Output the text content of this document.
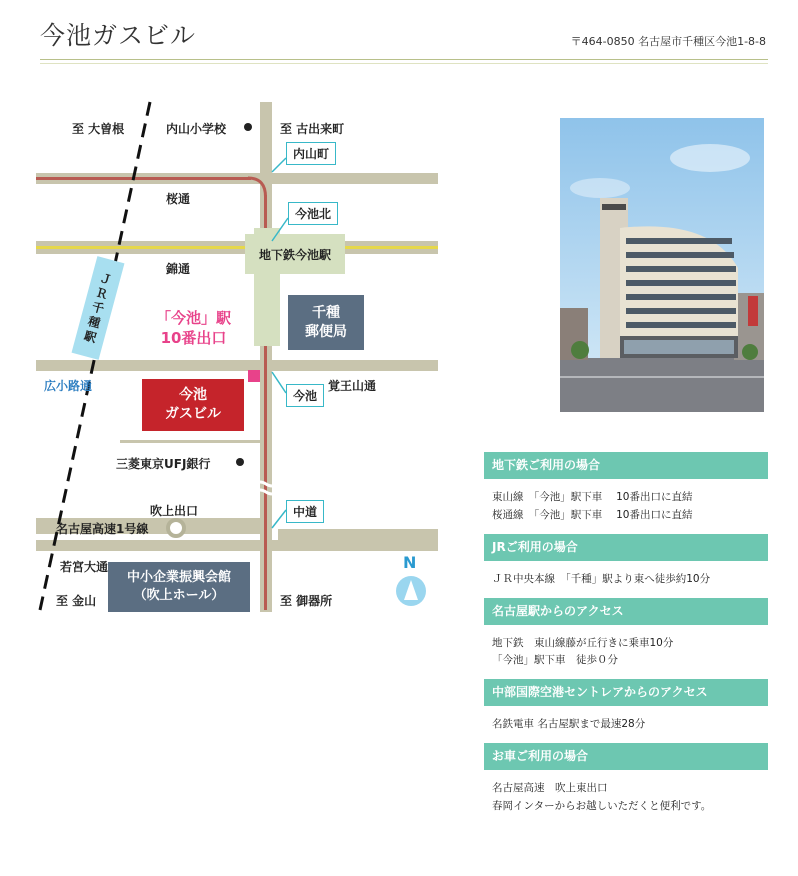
今池ガスビル	〒464-0850 名古屋市千種区今池1-8-8
Ｊ
Ｒ
千
種
駅
地下鉄今池駅
千種
郵便局
今池
ガスビル
中小企業振興会館
（吹上ホール）
「今池」駅
10番出口
至 大曽根	内山小学校	至 古出来町
桜通
錦通
覚王山通
広小路通
三菱東京UFJ銀行
吹上出口
名古屋高速1号線
若宮大通
至 金山	至 御器所
内山町
今池北
今池
中道
N
地下鉄ご利用の場合
東山線　「今池」駅下車　 10番出口に直結
桜通線　「今池」駅下車　 10番出口に直結
JRご利用の場合
ＪＲ中央本線　「千種」駅より東へ徒歩約10分
名古屋駅からのアクセス
地下鉄　東山線藤が丘行きに乗車10分
「今池」駅下車　徒歩０分
中部国際空港セントレアからのアクセス
名鉄電車 名古屋駅まで最速28分
お車ご利用の場合
名古屋高速　吹上東出口
春岡インターからお越しいただくと便利です。
